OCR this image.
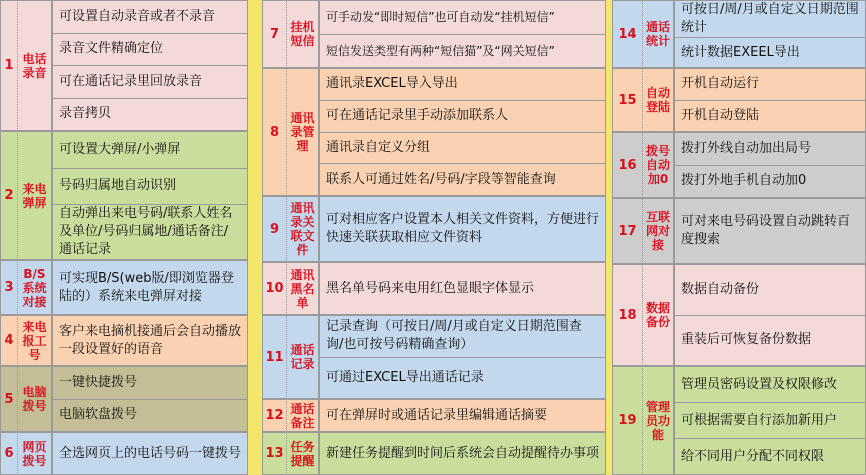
1 电话录音
可设置自动录音或者不录音
录音文件精确定位
可在通话记录里回放录音
录音拷贝
2 来电弹屏
可设置大弹屏/小弹屏
号码归属地自动识别
自动弹出来电号码/联系人姓名及单位/号码归属地/通话备注/通话记录
3
B/S系统对接
可实现B/S(web版/即浏览器登陆的）系统来电弹屏对接
4
来电报工号
客户来电摘机接通后会自动播放一段设置好的语音
5 电脑拨号
一键快捷拨号
电脑软盘拨号
6 网页拨号 全选网页上的电话号码一键拨号
7 挂机短信
可手动发“即时短信”也可自动发“挂机短信”
短信发送类型有两种“短信猫”及“网关短信”
8
通讯录管理
通讯录EXCEL导入导出
可在通话记录里手动添加联系人
通讯录自定义分组
联系人可通过姓名/号码/字段等智能查询
9
通讯录关联文件
可对相应客户设置本人相关文件资料，方便进行快速关联获取相应文件资料
10
通讯黑名单
黑名单号码来电用红色显眼字体显示
11 通话记录
记录查询（可按日/周/月或自定义日期范围查询/也可按号码精确查询）
可通过EXCEL导出通话记录
12 通话备注 可在弹屏时或通话记录里编辑通话摘要
13 任务提醒 新建任务提醒到时间后系统会自动提醒待办事项
14 通话统计
可按日/周/月或自定义日期范围统计
统计数据EXEEL导出
15 自动登陆
开机自动运行
开机自动登陆
16
拨号自动加0
拨打外线自动加出局号
拨打外地手机自动加0
17
互联网对接
可对来电号码设置自动跳转百度搜索
18 数据备份
数据自动备份
重装后可恢复备份数据
19
管理员功能
管理员密码设置及权限修改
可根据需要自行添加新用户
给不同用户分配不同权限
